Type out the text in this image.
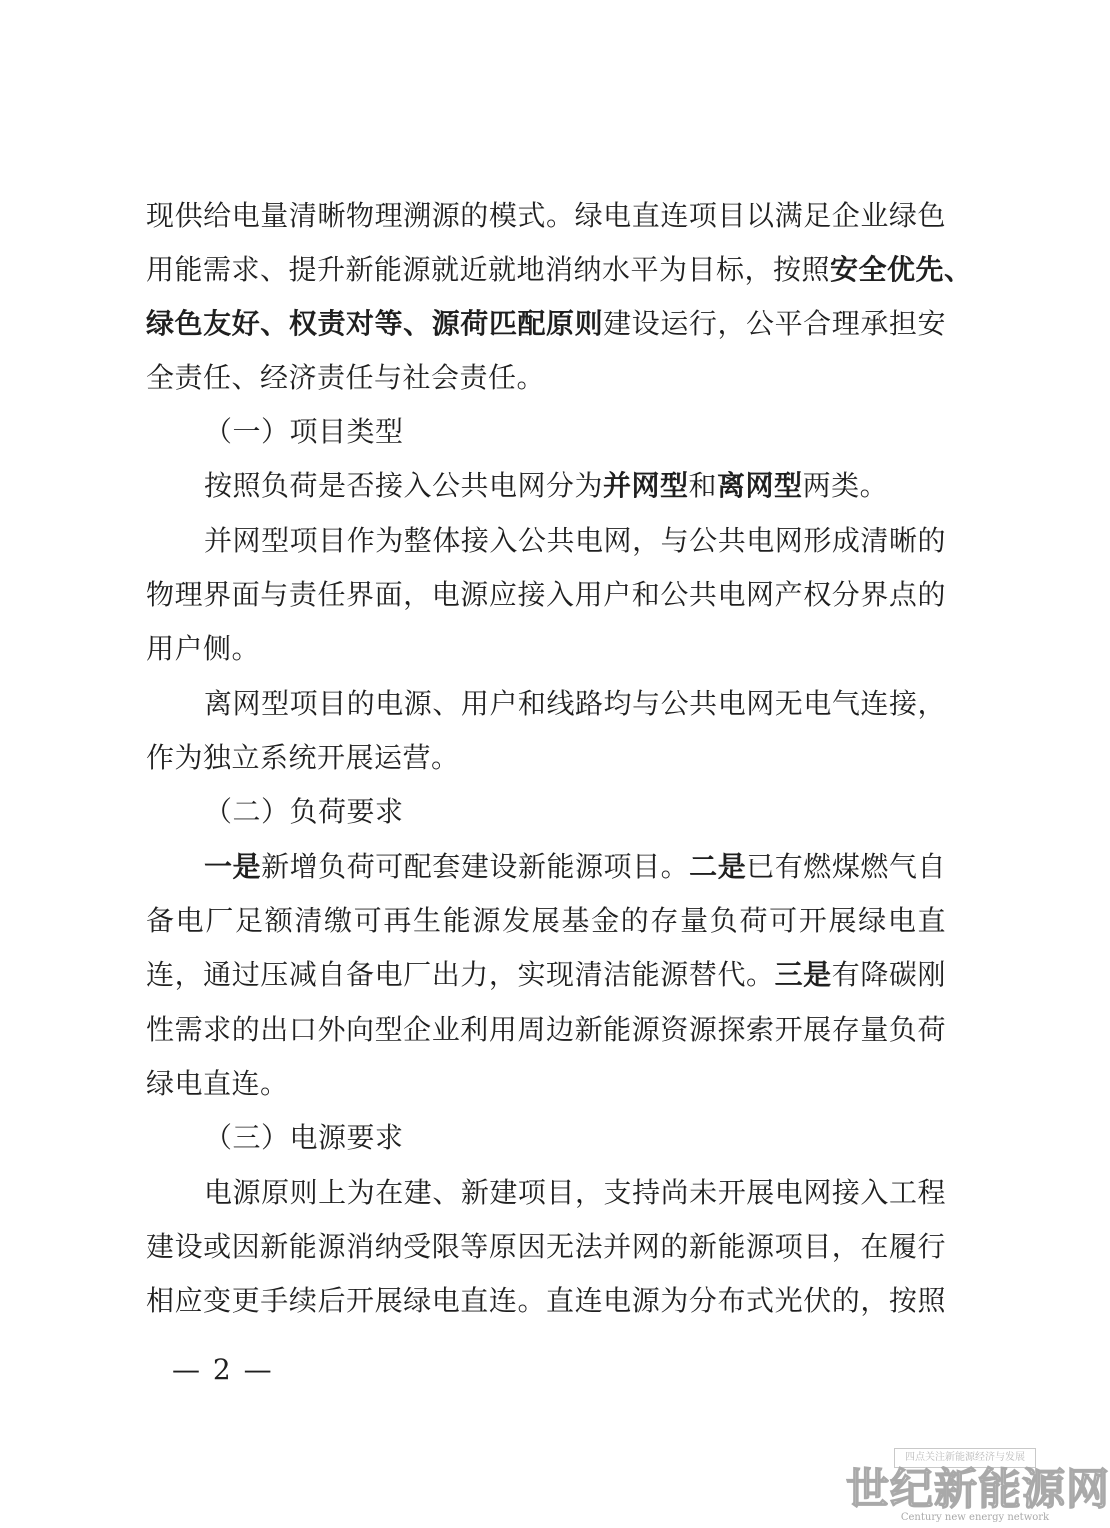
现供给电量清晰物理溯源的模式。绿电直连项目以满足企业绿色
用能需求、提升新能源就近就地消纳水平为目标，按照安全优先、
绿色友好、权责对等、源荷匹配原则建设运行，公平合理承担安
全责任、经济责任与社会责任。
（一）项目类型
按照负荷是否接入公共电网分为并网型和离网型两类。
并网型项目作为整体接入公共电网，与公共电网形成清晰的
物理界面与责任界面，电源应接入用户和公共电网产权分界点的
用户侧。
离网型项目的电源、用户和线路均与公共电网无电气连接，
作为独立系统开展运营。
（二）负荷要求
一是新增负荷可配套建设新能源项目。二是已有燃煤燃气自
备电厂足额清缴可再生能源发展基金的存量负荷可开展绿电直
连，通过压减自备电厂出力，实现清洁能源替代。三是有降碳刚
性需求的出口外向型企业利用周边新能源资源探索开展存量负荷
绿电直连。
（三）电源要求
电源原则上为在建、新建项目，支持尚未开展电网接入工程
建设或因新能源消纳受限等原因无法并网的新能源项目，在履行
相应变更手续后开展绿电直连。直连电源为分布式光伏的，按照
— 2 —
四点关注新能源经济与发展
世纪新能源网
Century new energy network
